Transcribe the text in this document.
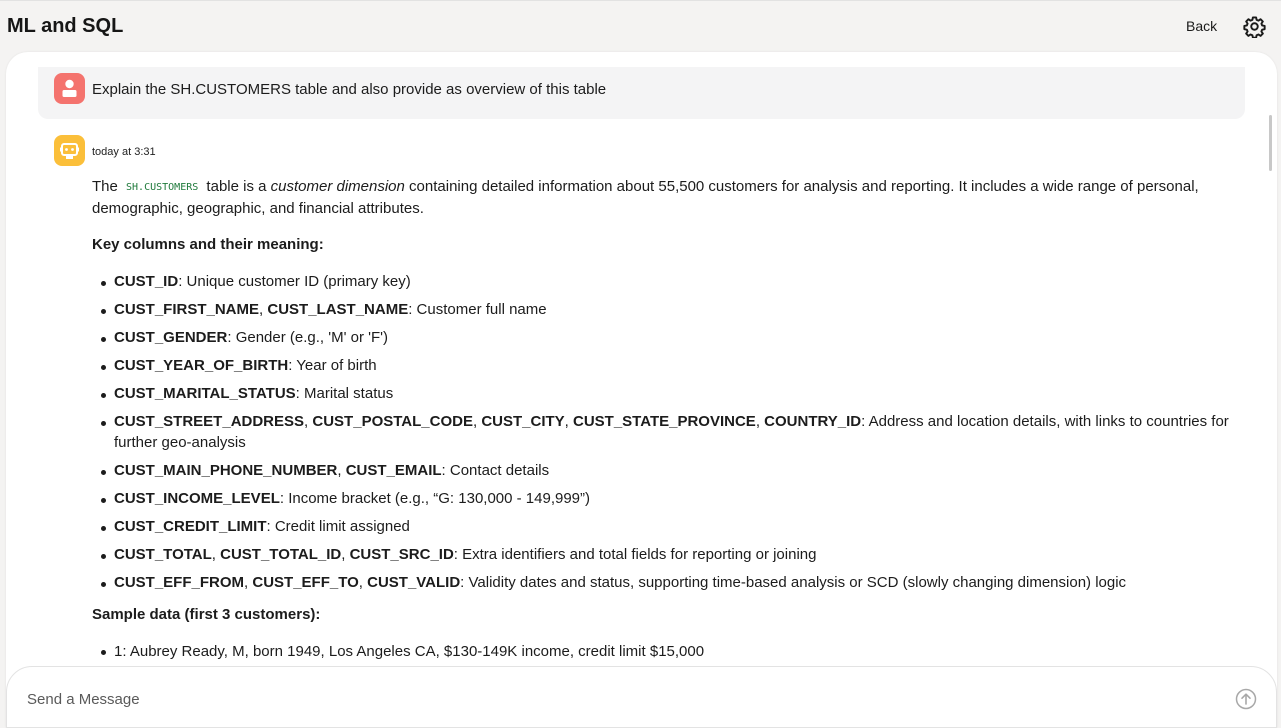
ML and SQL	Back
Explain the SH.CUSTOMERS table and also provide as overview of this table
today at 3:31

The SH.CUSTOMERS table is a customer dimension containing detailed information about 55,500 customers for analysis and reporting. It includes a wide range of personal, demographic, geographic, and financial attributes.

Key columns and their meaning:

CUST_ID: Unique customer ID (primary key)
CUST_FIRST_NAME, CUST_LAST_NAME: Customer full name
CUST_GENDER: Gender (e.g., 'M' or 'F')
CUST_YEAR_OF_BIRTH: Year of birth
CUST_MARITAL_STATUS: Marital status
CUST_STREET_ADDRESS, CUST_POSTAL_CODE, CUST_CITY, CUST_STATE_PROVINCE, COUNTRY_ID: Address and location details, with links to countries for further geo-analysis
CUST_MAIN_PHONE_NUMBER, CUST_EMAIL: Contact details
CUST_INCOME_LEVEL: Income bracket (e.g., “G: 130,000 - 149,999”)
CUST_CREDIT_LIMIT: Credit limit assigned
CUST_TOTAL, CUST_TOTAL_ID, CUST_SRC_ID: Extra identifiers and total fields for reporting or joining
CUST_EFF_FROM, CUST_EFF_TO, CUST_VALID: Validity dates and status, supporting time-based analysis or SCD (slowly changing dimension) logic

Sample data (first 3 customers):

1: Aubrey Ready, M, born 1949, Los Angeles CA, $130-149K income, credit limit $15,000
Send a Message
